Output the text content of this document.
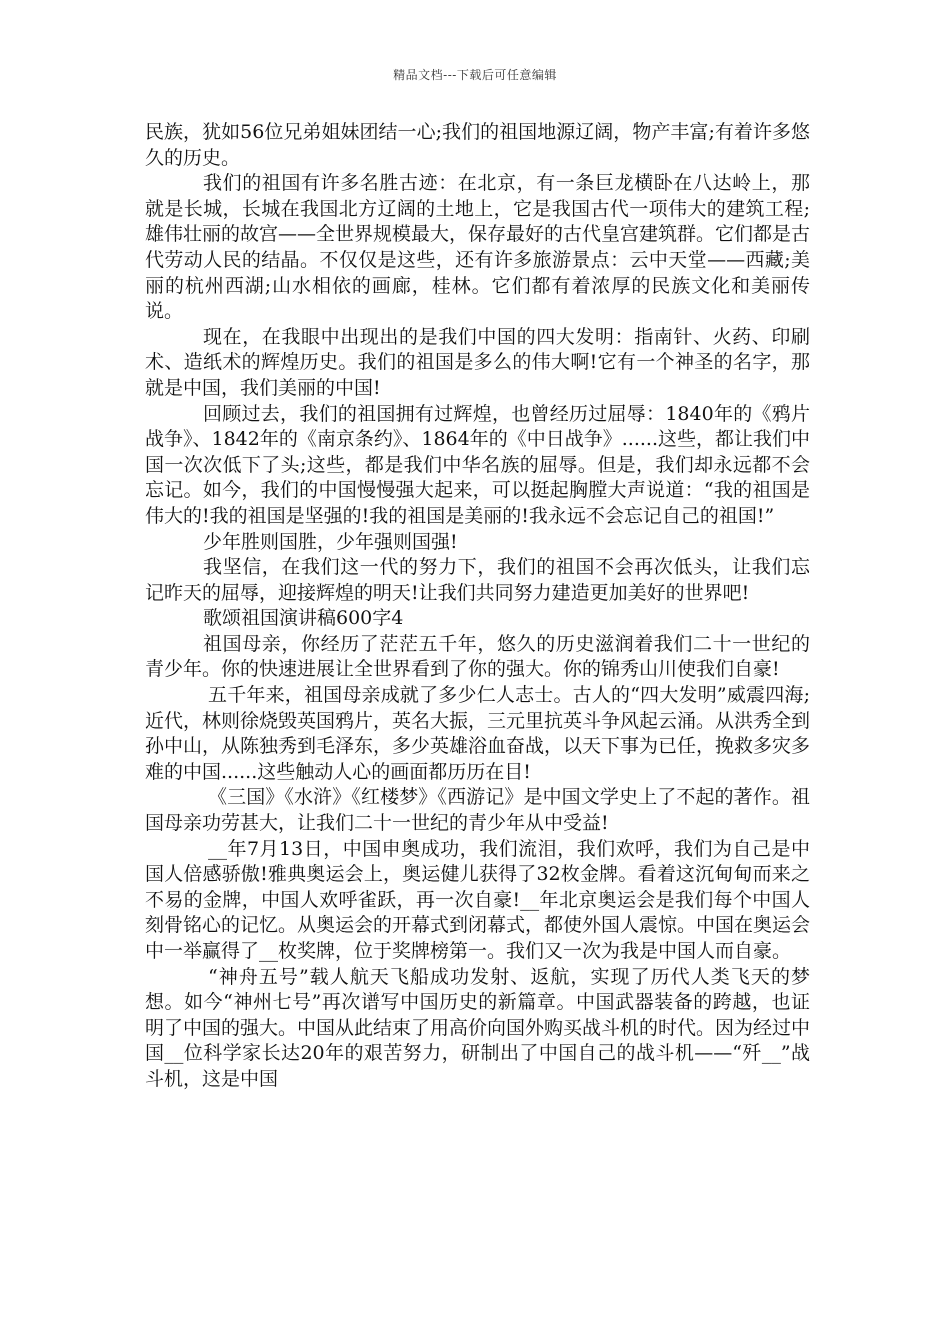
精品文档---下载后可任意编辑

民族，犹如56位兄弟姐妹团结一心;我们的祖国地源辽阔，物产丰富;有着许多悠久的历史。

我们的祖国有许多名胜古迹：在北京，有一条巨龙横卧在八达岭上，那就是长城，长城在我国北方辽阔的土地上，它是我国古代一项伟大的建筑工程;雄伟壮丽的故宫——全世界规模最大，保存最好的古代皇宫建筑群。它们都是古代劳动人民的结晶。不仅仅是这些，还有许多旅游景点：云中天堂——西藏;美丽的杭州西湖;山水相依的画廊，桂林。它们都有着浓厚的民族文化和美丽传说。

现在，在我眼中出现出的是我们中国的四大发明：指南针、火药、印刷术、造纸术的辉煌历史。我们的祖国是多么的伟大啊!它有一个神圣的名字，那就是中国，我们美丽的中国!

回顾过去，我们的祖国拥有过辉煌，也曾经历过屈辱：1840年的《鸦片战争》、1842年的《南京条约》、1864年的《中日战争》......这些，都让我们中国一次次低下了头;这些，都是我们中华名族的屈辱。但是，我们却永远都不会忘记。如今，我们的中国慢慢强大起来，可以挺起胸膛大声说道：“我的祖国是伟大的!我的祖国是坚强的!我的祖国是美丽的!我永远不会忘记自己的祖国!”

少年胜则国胜，少年强则国强!

我坚信，在我们这一代的努力下，我们的祖国不会再次低头，让我们忘记昨天的屈辱，迎接辉煌的明天!让我们共同努力建造更加美好的世界吧!

歌颂祖国演讲稿600字4

祖国母亲，你经历了茫茫五千年，悠久的历史滋润着我们二十一世纪的青少年。你的快速进展让全世界看到了你的强大。你的锦秀山川使我们自豪!

五千年来，祖国母亲成就了多少仁人志士。古人的“四大发明”威震四海;近代，林则徐烧毁英国鸦片，英名大振，三元里抗英斗争风起云涌。从洪秀全到孙中山，从陈独秀到毛泽东，多少英雄浴血奋战，以天下事为已任，挽救多灾多难的中国......这些触动人心的画面都历历在目!

《三国》《水浒》《红楼梦》《西游记》是中国文学史上了不起的著作。祖国母亲功劳甚大，让我们二十一世纪的青少年从中受益!

__年7月13日，中国申奥成功，我们流泪，我们欢呼，我们为自己是中国人倍感骄傲!雅典奥运会上，奥运健儿获得了32枚金牌。看着这沉甸甸而来之不易的金牌，中国人欢呼雀跃，再一次自豪!__年北京奥运会是我们每个中国人刻骨铭心的记忆。从奥运会的开幕式到闭幕式，都使外国人震惊。中国在奥运会中一举赢得了__枚奖牌，位于奖牌榜第一。我们又一次为我是中国人而自豪。

“神舟五号”载人航天飞船成功发射、返航，实现了历代人类飞天的梦想。如今“神州七号”再次谱写中国历史的新篇章。中国武器装备的跨越，也证明了中国的强大。中国从此结束了用高价向国外购买战斗机的时代。因为经过中国__位科学家长达20年的艰苦努力，研制出了中国自己的战斗机——“歼__”战斗机，这是中国
